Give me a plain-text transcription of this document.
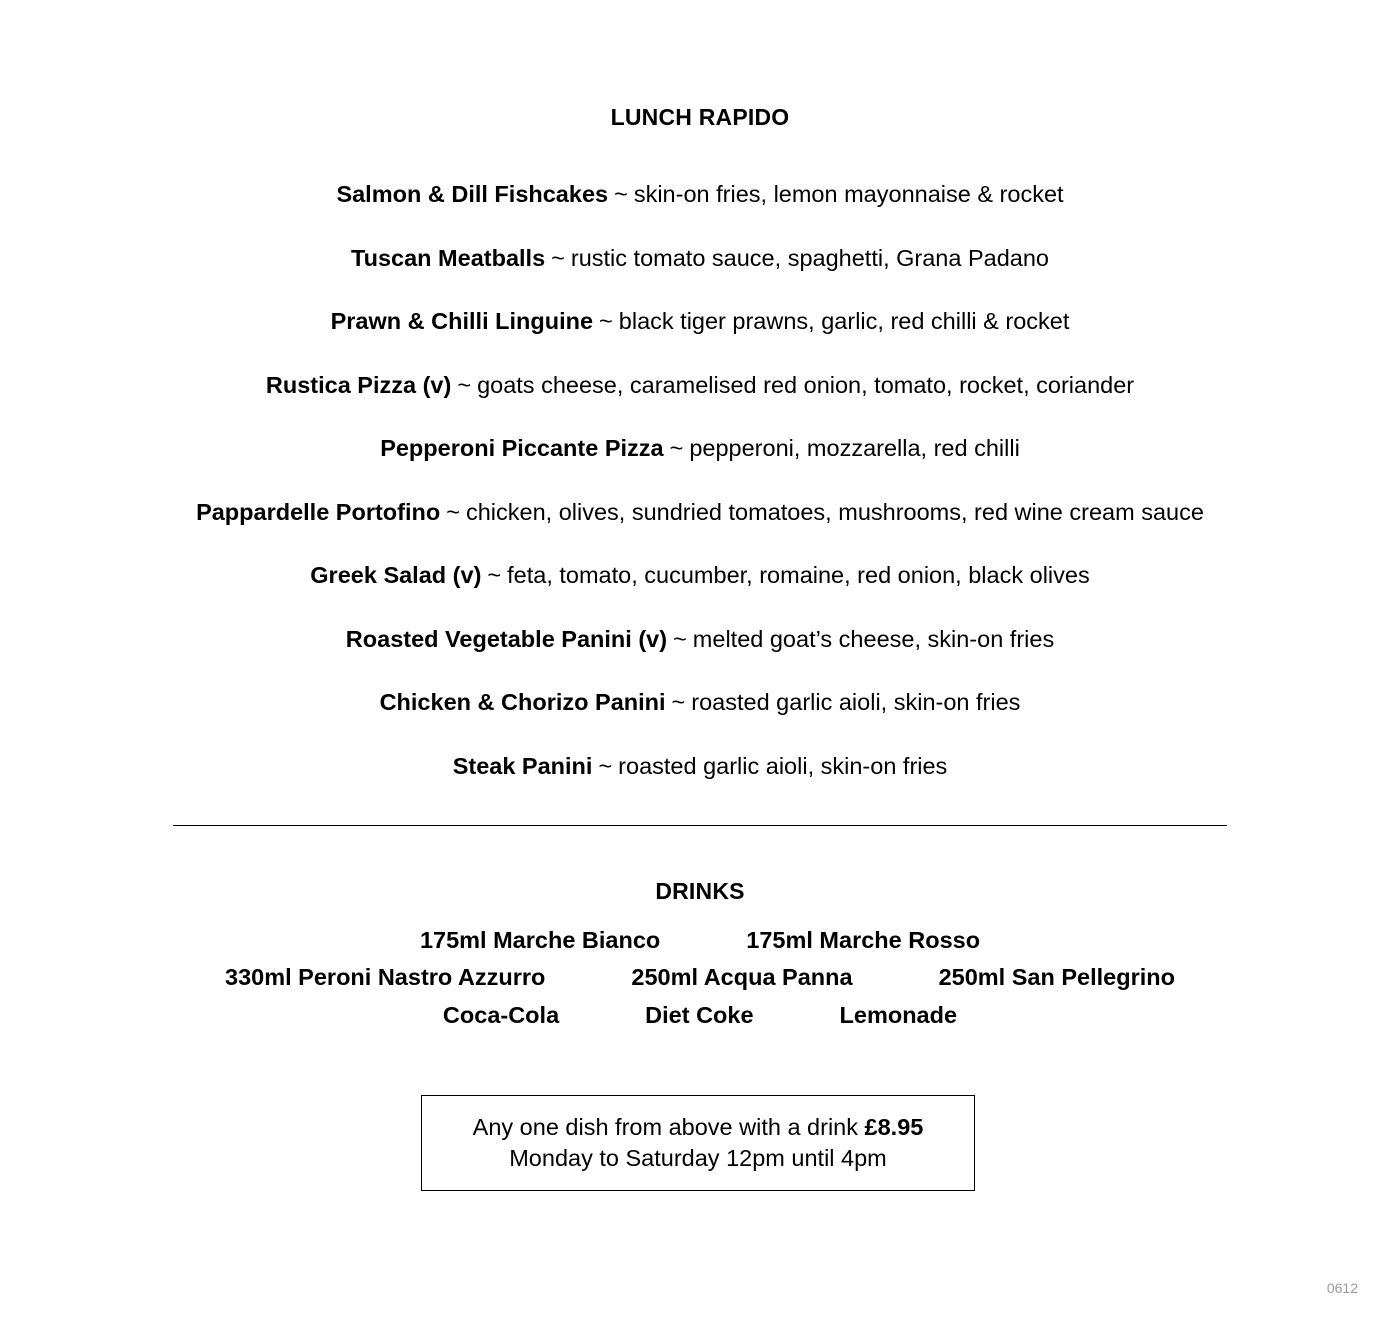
LUNCH RAPIDO
Salmon & Dill Fishcakes ~ skin-on fries, lemon mayonnaise & rocket
Tuscan Meatballs ~ rustic tomato sauce, spaghetti, Grana Padano
Prawn & Chilli Linguine ~ black tiger prawns, garlic, red chilli & rocket
Rustica Pizza (v) ~ goats cheese, caramelised red onion, tomato, rocket, coriander
Pepperoni Piccante Pizza ~ pepperoni, mozzarella, red chilli
Pappardelle Portofino ~ chicken, olives, sundried tomatoes, mushrooms, red wine cream sauce
Greek Salad (v) ~ feta, tomato, cucumber, romaine, red onion, black olives
Roasted Vegetable Panini (v) ~ melted goat’s cheese, skin-on fries
Chicken & Chorizo Panini ~ roasted garlic aioli, skin-on fries
Steak Panini ~ roasted garlic aioli, skin-on fries
DRINKS
175ml Marche Bianco	175ml Marche Rosso
330ml Peroni Nastro Azzurro	250ml Acqua Panna	250ml San Pellegrino
Coca-Cola	Diet Coke	Lemonade
Any one dish from above with a drink £8.95
Monday to Saturday 12pm until 4pm
0612
